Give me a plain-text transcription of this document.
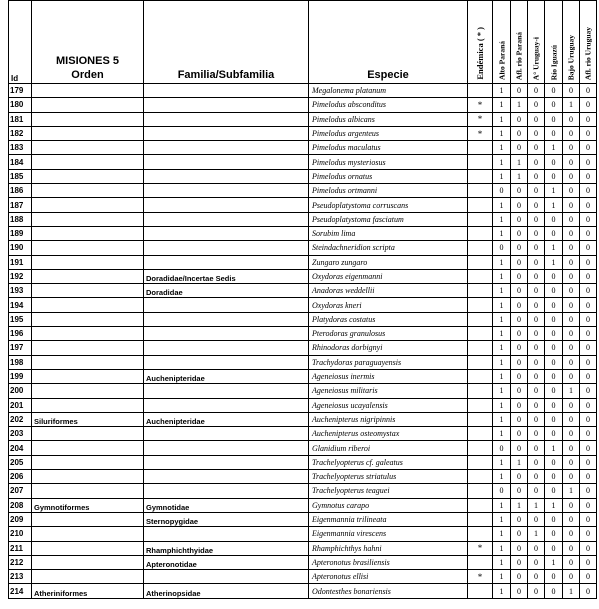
Id	MISIONES 5
Orden	Familia/Subfamilia	Especie	Endémica ( * )	Alto Paraná	Afl. rio Paraná	A° Uruguay-i	Río Iguazú	Bajo Uruguay	Afl. rio Uruguay

179			Megalonema platanum		1	0	0	0	0	0
180			Pimelodus absconditus	*	1	1	0	0	1	0
181			Pimelodus albicans	*	1	0	0	0	0	0
182			Pimelodus argenteus	*	1	0	0	0	0	0
183			Pimelodus maculatus		1	0	0	1	0	0
184			Pimelodus mysteriosus		1	1	0	0	0	0
185			Pimelodus ornatus		1	1	0	0	0	0
186			Pimelodus ortmanni		0	0	0	1	0	0
187			Pseudoplatystoma corruscans		1	0	0	1	0	0
188			Pseudoplatystoma fasciatum		1	0	0	0	0	0
189			Sorubim lima		1	0	0	0	0	0
190			Steindachneridion scripta		0	0	0	1	0	0
191			Zungaro zungaro		1	0	0	1	0	0
192		Doradidae/Incertae Sedis	Oxydoras eigenmanni		1	0	0	0	0	0
193		Doradidae	Anadoras weddellii		1	0	0	0	0	0
194			Oxydoras kneri		1	0	0	0	0	0
195			Platydoras costatus		1	0	0	0	0	0
196			Pterodoras granulosus		1	0	0	0	0	0
197			Rhinodoras dorbignyi		1	0	0	0	0	0
198			Trachydoras paraguayensis		1	0	0	0	0	0
199		Auchenipteridae	Ageneiosus inermis		1	0	0	0	0	0
200			Ageneiosus militaris		1	0	0	0	1	0
201			Ageneiosus ucayalensis		1	0	0	0	0	0
202	Siluriformes	Auchenipteridae	Auchenipterus nigripinnis		1	0	0	0	0	0
203			Auchenipterus osteomystax		1	0	0	0	0	0
204			Glanidium riberoi		0	0	0	1	0	0
205			Trachelyopterus cf. galeatus		1	1	0	0	0	0
206			Trachelyopterus striatulus		1	0	0	0	0	0
207			Trachelyopterus teaguei		0	0	0	0	1	0
208	Gymnotiformes	Gymnotidae	Gymnotus carapo		1	1	1	1	0	0
209		Sternopygidae	Eigenmannia trilineata		1	0	0	0	0	0
210			Eigenmannia virescens		1	0	1	0	0	0
211		Rhamphichthyidae	Rhamphichthys hahni	*	1	0	0	0	0	0
212		Apteronotidae	Apteronotus brasiliensis		1	0	0	1	0	0
213			Apteronotus ellisi	*	1	0	0	0	0	0
214	Atheriniformes	Atherinopsidae	Odontesthes bonariensis		1	0	0	0	1	0
